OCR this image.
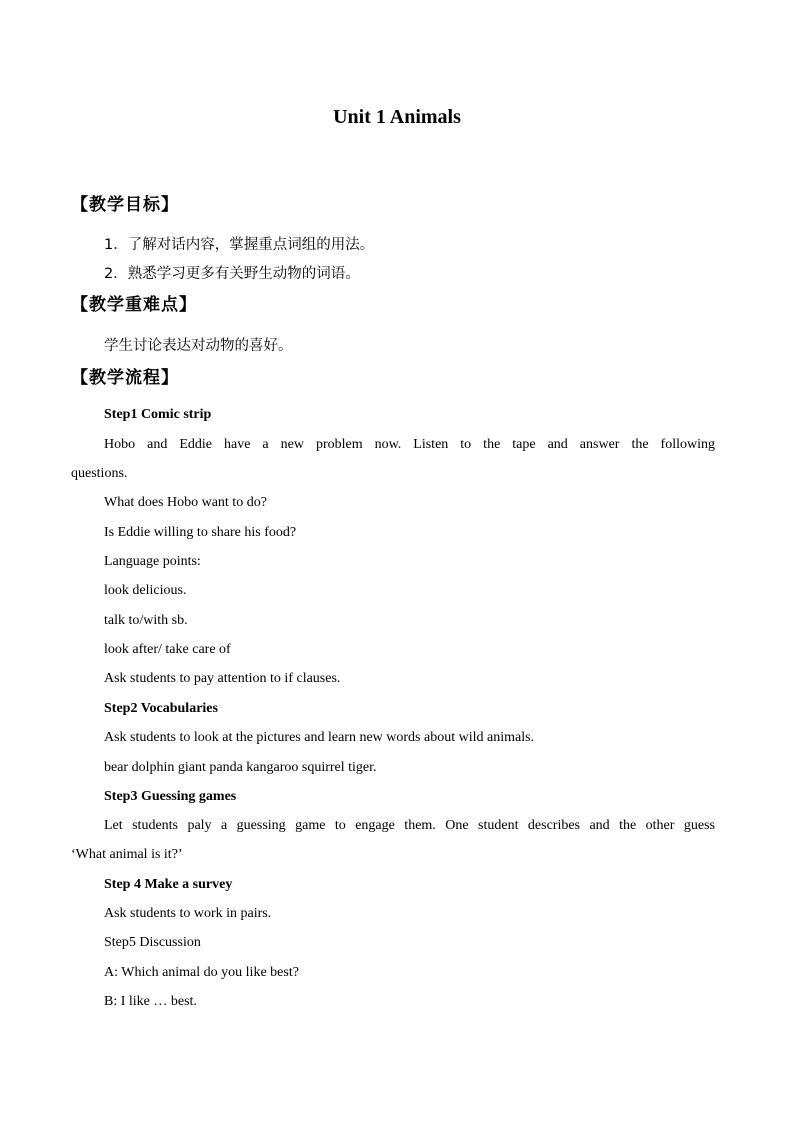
Unit 1 Animals
【教学目标】
1．了解对话内容，掌握重点词组的用法。
2．熟悉学习更多有关野生动物的词语。
【教学重难点】
学生讨论表达对动物的喜好。
【教学流程】
Step1 Comic strip
Hobo and Eddie have a new problem now. Listen to the tape and answer the following
questions.
What does Hobo want to do?
Is Eddie willing to share his food?
Language points:
look delicious.
talk to/with sb.
look after/ take care of
Ask students to pay attention to if clauses.
Step2 Vocabularies
Ask students to look at the pictures and learn new words about wild animals.
bear dolphin giant panda kangaroo squirrel tiger.
Step3 Guessing games
Let students paly a guessing game to engage them. One student describes and the other guess
‘What animal is it?’
Step 4 Make a survey
Ask students to work in pairs.
Step5 Discussion
A: Which animal do you like best?
B: I like … best.
